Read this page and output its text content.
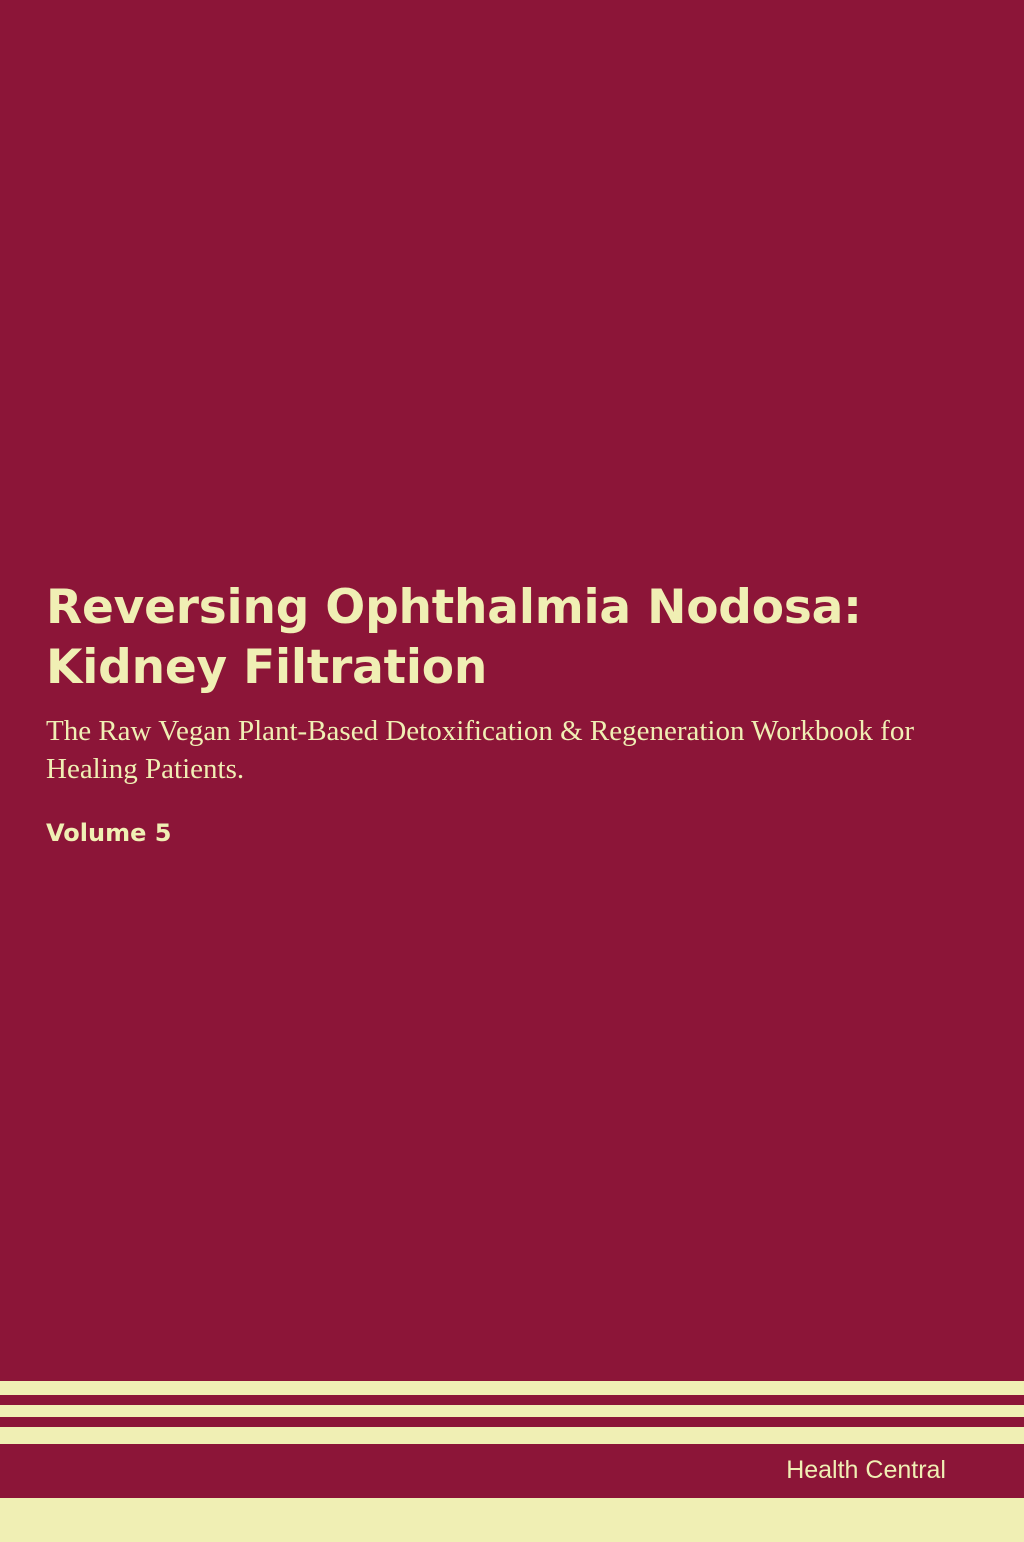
Reversing Ophthalmia Nodosa: Kidney Filtration

The Raw Vegan Plant-Based Detoxification & Regeneration Workbook for Healing Patients.

Volume 5

Health Central
